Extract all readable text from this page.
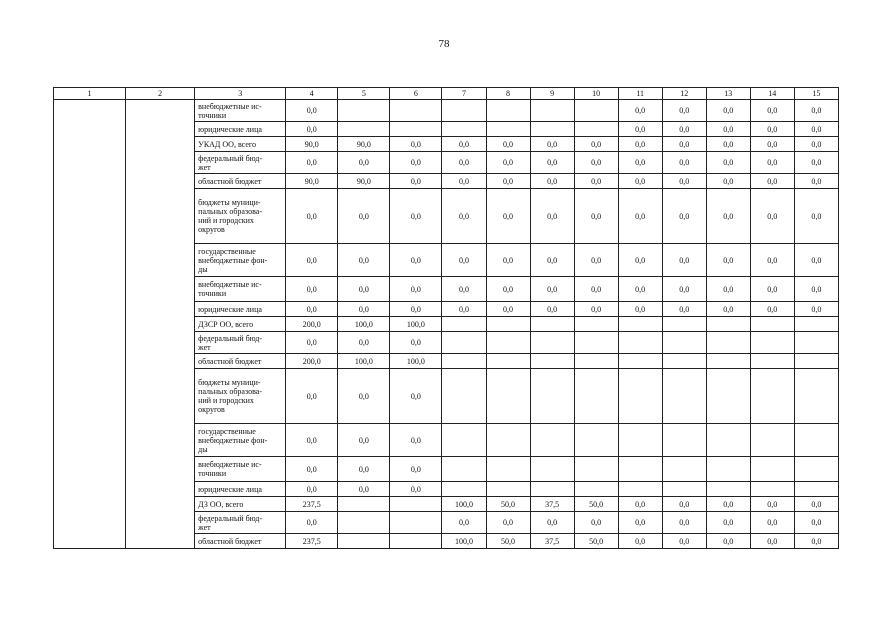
78
1	2	3	4	5	6	7	8	9	10	11	12	13	14	15
		внебюджетные ис-
точники	0,0							0,0	0,0	0,0	0,0	0,0
		юридические лица	0,0							0,0	0,0	0,0	0,0	0,0
		УКАД ОО, всего	90,0	90,0	0,0	0,0	0,0	0,0	0,0	0,0	0,0	0,0	0,0	0,0
		федеральный бюд-
жет	0,0	0,0	0,0	0,0	0,0	0,0	0,0	0,0	0,0	0,0	0,0	0,0
		областной бюджет	90,0	90,0	0,0	0,0	0,0	0,0	0,0	0,0	0,0	0,0	0,0	0,0
		бюджеты муници-
пальных образова-
ний и городских
округов	0,0	0,0	0,0	0,0	0,0	0,0	0,0	0,0	0,0	0,0	0,0	0,0
		государственные
внебюджетные фон-
ды	0,0	0,0	0,0	0,0	0,0	0,0	0,0	0,0	0,0	0,0	0,0	0,0
		внебюджетные ис-
точники	0,0	0,0	0,0	0,0	0,0	0,0	0,0	0,0	0,0	0,0	0,0	0,0
		юридические лица	0,0	0,0	0,0	0,0	0,0	0,0	0,0	0,0	0,0	0,0	0,0	0,0
		ДЗСР ОО, всего	200,0	100,0	100,0									
		федеральный бюд-
жет	0,0	0,0	0,0									
		областной бюджет	200,0	100,0	100,0									
		бюджеты муници-
пальных образова-
ний и городских
округов	0,0	0,0	0,0									
		государственные
внебюджетные фон-
ды	0,0	0,0	0,0									
		внебюджетные ис-
точники	0,0	0,0	0,0									
		юридические лица	0,0	0,0	0,0									
		ДЗ ОО, всего	237,5			100,0	50,0	37,5	50,0	0,0	0,0	0,0	0,0	0,0
		федеральный бюд-
жет	0,0			0,0	0,0	0,0	0,0	0,0	0,0	0,0	0,0	0,0
		областной бюджет	237,5			100,0	50,0	37,5	50,0	0,0	0,0	0,0	0,0	0,0
